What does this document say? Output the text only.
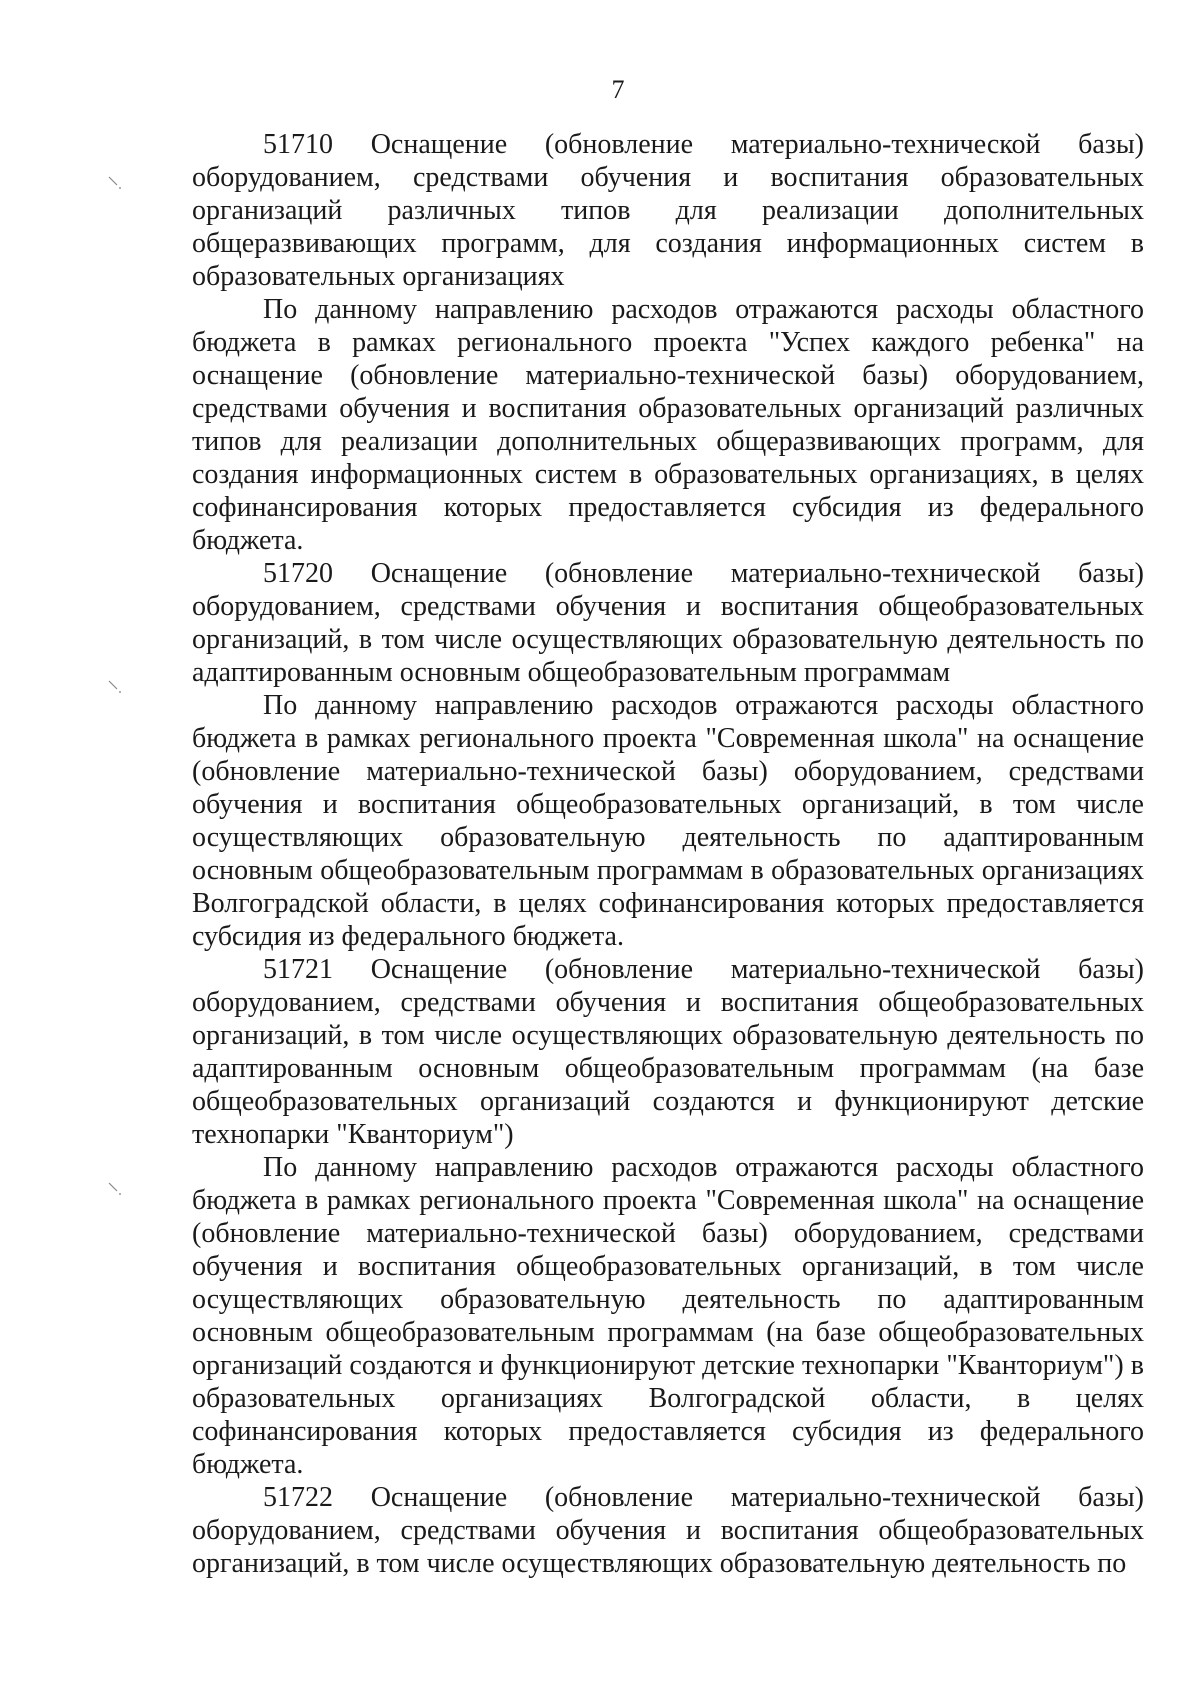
7

51710 Оснащение (обновление материально-технической базы) оборудованием, средствами обучения и воспитания образовательных организаций различных типов для реализации дополнительных общеразвивающих программ, для создания информационных систем в образовательных организациях

По данному направлению расходов отражаются расходы областного бюджета в рамках регионального проекта "Успех каждого ребенка" на оснащение (обновление материально-технической базы) оборудованием, средствами обучения и воспитания образовательных организаций различных типов для реализации дополнительных общеразвивающих программ, для создания информационных систем в образовательных организациях, в целях софинансирования которых предоставляется субсидия из федерального бюджета.

51720 Оснащение (обновление материально-технической базы) оборудованием, средствами обучения и воспитания общеобразовательных организаций, в том числе осуществляющих образовательную деятельность по адаптированным основным общеобразовательным программам

По данному направлению расходов отражаются расходы областного бюджета в рамках регионального проекта "Современная школа" на оснащение (обновление материально-технической базы) оборудованием, средствами обучения и воспитания общеобразовательных организаций, в том числе осуществляющих образовательную деятельность по адаптированным основным общеобразовательным программам в образовательных организациях Волгоградской области, в целях софинансирования которых предоставляется субсидия из федерального бюджета.

51721 Оснащение (обновление материально-технической базы) оборудованием, средствами обучения и воспитания общеобразовательных организаций, в том числе осуществляющих образовательную деятельность по адаптированным основным общеобразовательным программам (на базе общеобразовательных организаций создаются и функционируют детские технопарки "Кванториум")

По данному направлению расходов отражаются расходы областного бюджета в рамках регионального проекта "Современная школа" на оснащение (обновление материально-технической базы) оборудованием, средствами обучения и воспитания общеобразовательных организаций, в том числе осуществляющих образовательную деятельность по адаптированным основным общеобразовательным программам (на базе общеобразовательных организаций создаются и функционируют детские технопарки "Кванториум") в образовательных организациях Волгоградской области, в целях софинансирования которых предоставляется субсидия из федерального бюджета.

51722 Оснащение (обновление материально-технической базы) оборудованием, средствами обучения и воспитания общеобразовательных организаций, в том числе осуществляющих образовательную деятельность по
